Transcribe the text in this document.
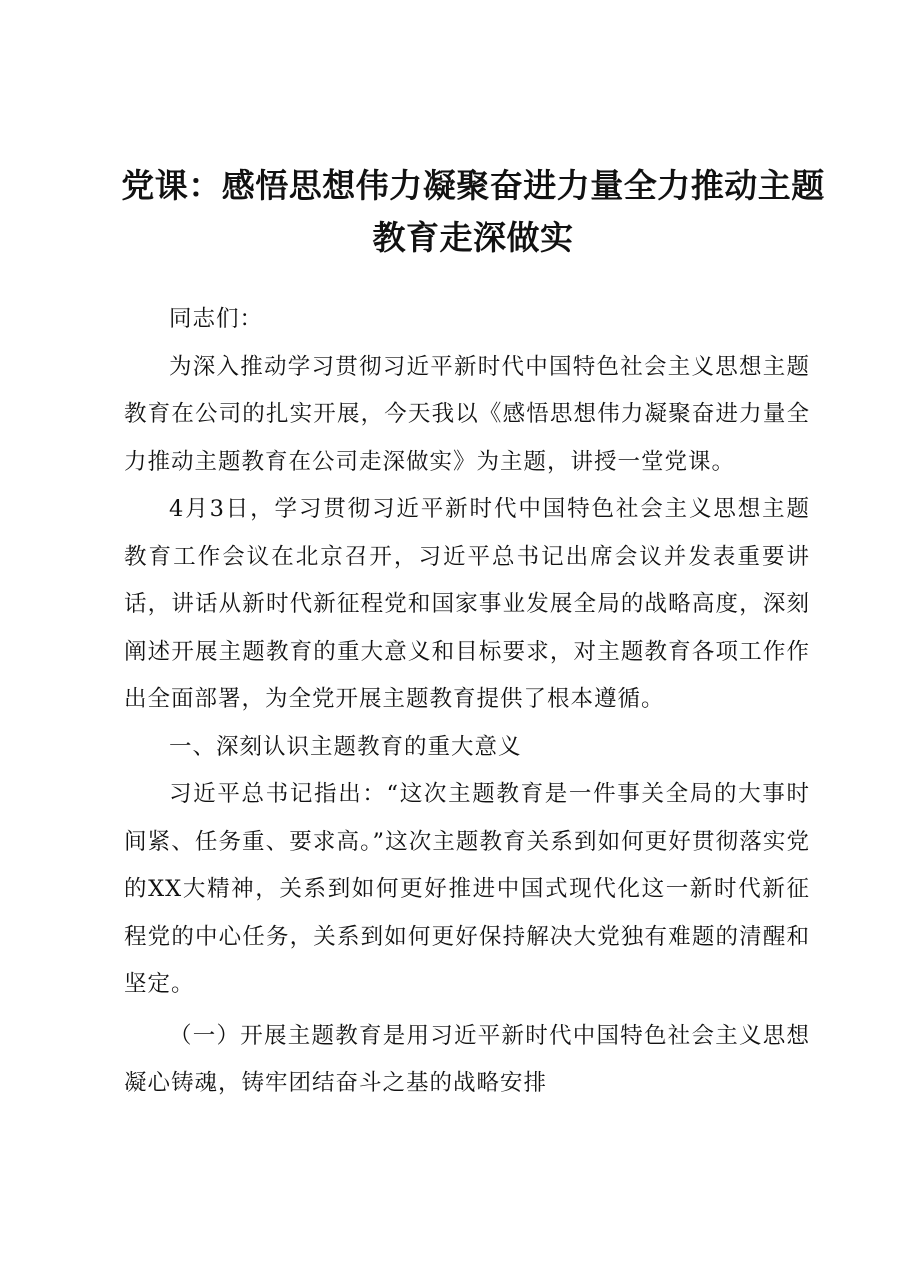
党课：感悟思想伟力凝聚奋进力量全力推动主题
教育走深做实

同志们：

为深入推动学习贯彻习近平新时代中国特色社会主义思想主题教育在公司的扎实开展，今天我以《感悟思想伟力凝聚奋进力量全力推动主题教育在公司走深做实》为主题，讲授一堂党课。

4月3日，学习贯彻习近平新时代中国特色社会主义思想主题教育工作会议在北京召开，习近平总书记出席会议并发表重要讲话，讲话从新时代新征程党和国家事业发展全局的战略高度，深刻阐述开展主题教育的重大意义和目标要求，对主题教育各项工作作出全面部署，为全党开展主题教育提供了根本遵循。

一、深刻认识主题教育的重大意义

习近平总书记指出：“这次主题教育是一件事关全局的大事时间紧、任务重、要求高。”这次主题教育关系到如何更好贯彻落实党的XX大精神，关系到如何更好推进中国式现代化这一新时代新征程党的中心任务，关系到如何更好保持解决大党独有难题的清醒和坚定。

（一）开展主题教育是用习近平新时代中国特色社会主义思想凝心铸魂，铸牢团结奋斗之基的战略安排
